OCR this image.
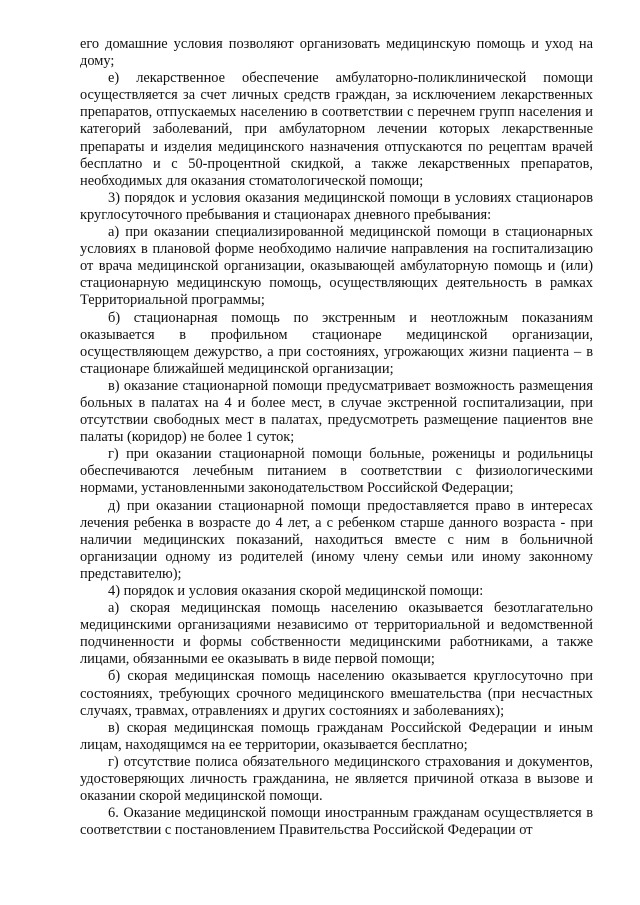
его домашние условия позволяют организовать медицинскую помощь и уход на дому;

е) лекарственное обеспечение амбулаторно-поликлинической помощи осуществляется за счет личных средств граждан, за исключением лекарственных препаратов, отпускаемых населению в соответствии с перечнем групп населения и категорий заболеваний, при амбулаторном лечении которых лекарственные препараты и изделия медицинского назначения отпускаются по рецептам врачей бесплатно и с 50-процентной скидкой, а также лекарственных препаратов, необходимых для оказания стоматологической помощи;

3) порядок и условия оказания медицинской помощи в условиях стационаров круглосуточного пребывания и стационарах дневного пребывания:

а) при оказании специализированной медицинской помощи в стационарных условиях в плановой форме необходимо наличие направления на госпитализацию от врача медицинской организации, оказывающей амбулаторную помощь и (или) стационарную медицинскую помощь, осуществляющих деятельность в рамках Территориальной программы;

б) стационарная помощь по экстренным и неотложным показаниям оказывается в профильном стационаре медицинской организации, осуществляющем дежурство, а при состояниях, угрожающих жизни пациента – в стационаре ближайшей медицинской организации;

в) оказание стационарной помощи предусматривает возможность размещения больных в палатах на 4 и более мест, в случае экстренной госпитализации, при отсутствии свободных мест в палатах, предусмотреть размещение пациентов вне палаты (коридор) не более 1 суток;

г) при оказании стационарной помощи больные, роженицы и родильницы обеспечиваются лечебным питанием в соответствии с физиологическими нормами, установленными законодательством Российской Федерации;

д) при оказании стационарной помощи предоставляется право в интересах лечения ребенка в возрасте до 4 лет, а с ребенком старше данного возраста - при наличии медицинских показаний, находиться вместе с ним в больничной организации одному из родителей (иному члену семьи или иному законному представителю);

4) порядок и условия оказания скорой медицинской помощи:

а) скорая медицинская помощь населению оказывается безотлагательно медицинскими организациями независимо от территориальной и ведомственной подчиненности и формы собственности медицинскими работниками, а также лицами, обязанными ее оказывать в виде первой помощи;

б) скорая медицинская помощь населению оказывается круглосуточно при состояниях, требующих срочного медицинского вмешательства (при несчастных случаях, травмах, отравлениях и других состояниях и заболеваниях);

в) скорая медицинская помощь гражданам Российской Федерации и иным лицам, находящимся на ее территории, оказывается бесплатно;

г) отсутствие полиса обязательного медицинского страхования и документов, удостоверяющих личность гражданина, не является причиной отказа в вызове и оказании скорой медицинской помощи.

6. Оказание медицинской помощи иностранным гражданам осуществляется в соответствии с постановлением Правительства Российской Федерации от
